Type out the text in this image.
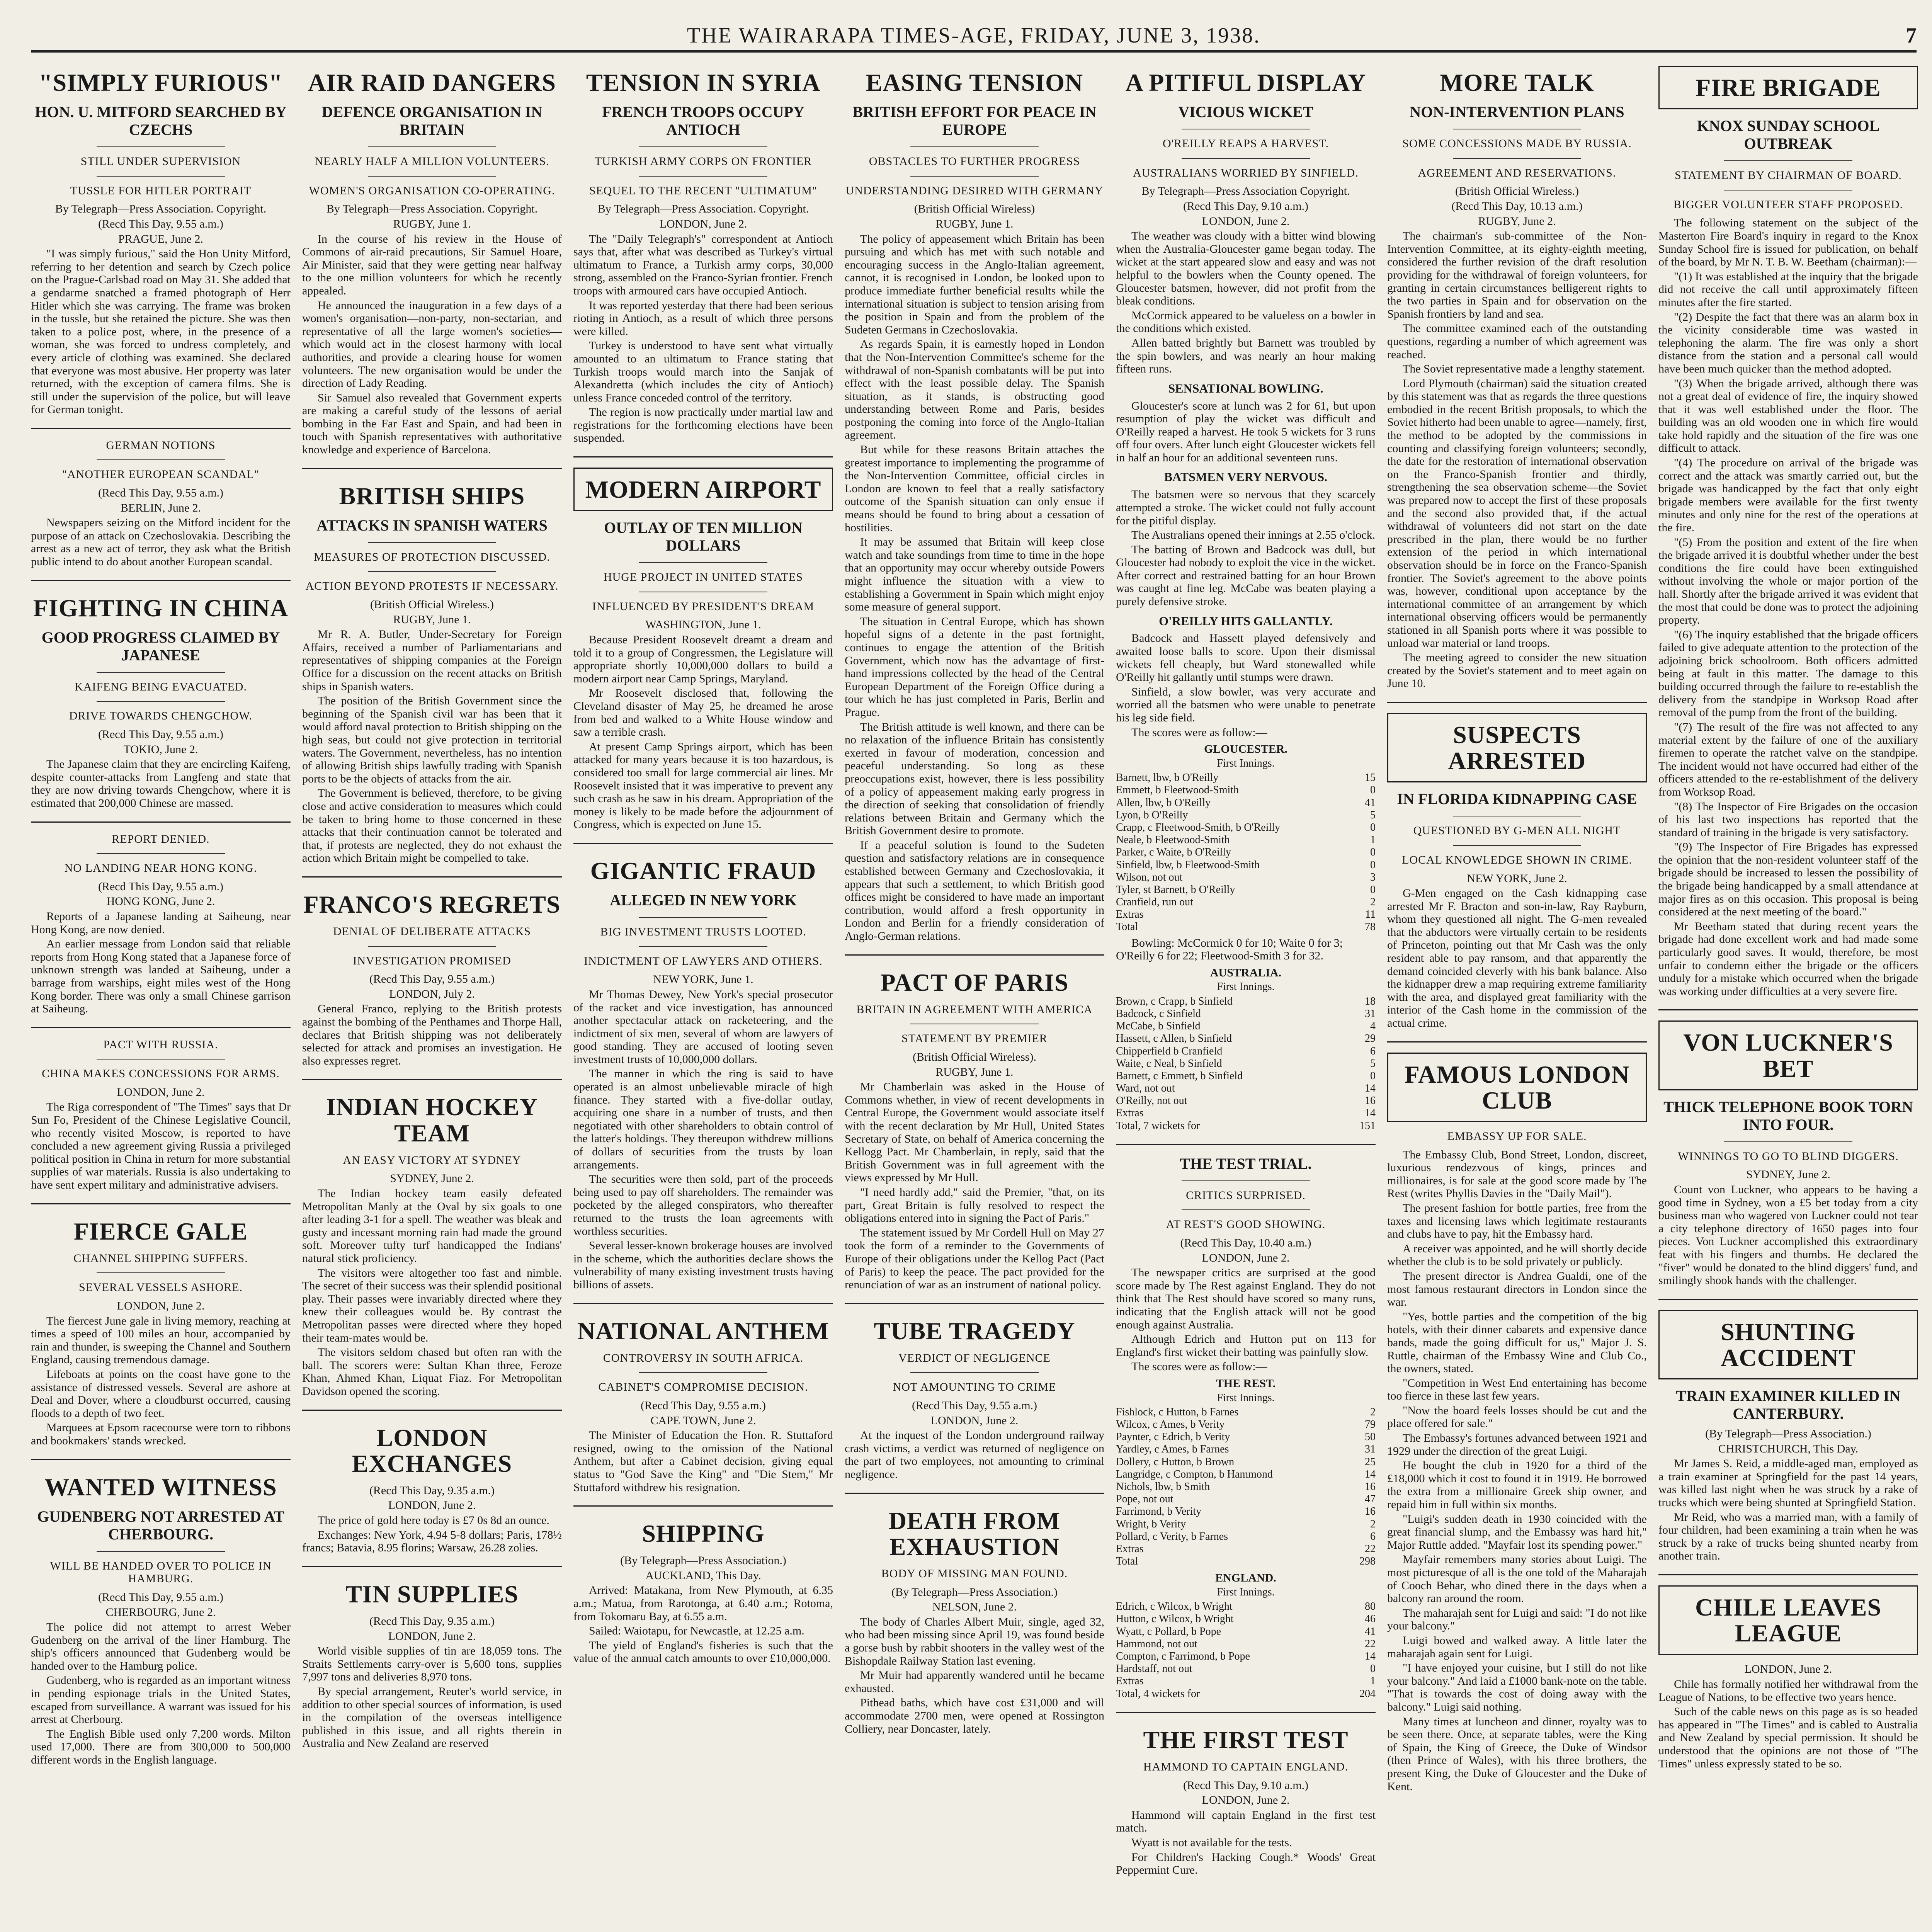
THE WAIRARAPA TIMES-AGE, FRIDAY, JUNE 3, 1938.	7
"SIMPLY FURIOUS"
HON. U. MITFORD SEARCHED BY CZECHS
STILL UNDER SUPERVISION
TUSSLE FOR HITLER PORTRAIT
By Telegraph—Press Association. Copyright.
(Recd This Day, 9.55 a.m.)
PRAGUE, June 2.

"I was simply furious," said the Hon Unity Mitford, referring to her detention and search by Czech police on the Prague-Carlsbad road on May 31. She added that a gendarme snatched a framed photograph of Herr Hitler which she was carrying. The frame was broken in the tussle, but she retained the picture. She was then taken to a police post, where, in the presence of a woman, she was forced to undress completely, and every article of clothing was examined. She declared that everyone was most abusive. Her property was later returned, with the exception of camera films. She is still under the supervision of the police, but will leave for German tonight.

GERMAN NOTIONS
"ANOTHER EUROPEAN SCANDAL"
(Recd This Day, 9.55 a.m.)
BERLIN, June 2.

Newspapers seizing on the Mitford incident for the purpose of an attack on Czechoslovakia. Describing the arrest as a new act of terror, they ask what the British public intend to do about another European scandal.

FIGHTING IN CHINA
GOOD PROGRESS CLAIMED BY JAPANESE
KAIFENG BEING EVACUATED.
DRIVE TOWARDS CHENGCHOW.
(Recd This Day, 9.55 a.m.)
TOKIO, June 2.

The Japanese claim that they are encircling Kaifeng, despite counter-attacks from Langfeng and state that they are now driving towards Chengchow, where it is estimated that 200,000 Chinese are massed.

REPORT DENIED.
NO LANDING NEAR HONG KONG.
(Recd This Day, 9.55 a.m.)
HONG KONG, June 2.

Reports of a Japanese landing at Saiheung, near Hong Kong, are now denied.

An earlier message from London said that reliable reports from Hong Kong stated that a Japanese force of unknown strength was landed at Saiheung, under a barrage from warships, eight miles west of the Hong Kong border. There was only a small Chinese garrison at Saiheung.

PACT WITH RUSSIA.
CHINA MAKES CONCESSIONS FOR ARMS.
LONDON, June 2.

The Riga correspondent of "The Times" says that Dr Sun Fo, President of the Chinese Legislative Council, who recently visited Moscow, is reported to have concluded a new agreement giving Russia a privileged political position in China in return for more substantial supplies of war materials. Russia is also undertaking to have sent expert military and administrative advisers.

FIERCE GALE
CHANNEL SHIPPING SUFFERS.
SEVERAL VESSELS ASHORE.
LONDON, June 2.

The fiercest June gale in living memory, reaching at times a speed of 100 miles an hour, accompanied by rain and thunder, is sweeping the Channel and Southern England, causing tremendous damage.

Lifeboats at points on the coast have gone to the assistance of distressed vessels. Several are ashore at Deal and Dover, where a cloudburst occurred, causing floods to a depth of two feet.

Marquees at Epsom racecourse were torn to ribbons and bookmakers' stands wrecked.

WANTED WITNESS
GUDENBERG NOT ARRESTED AT CHERBOURG.
WILL BE HANDED OVER TO POLICE IN HAMBURG.
(Recd This Day, 9.55 a.m.)
CHERBOURG, June 2.

The police did not attempt to arrest Weber Gudenberg on the arrival of the liner Hamburg. The ship's officers announced that Gudenberg would be handed over to the Hamburg police.

Gudenberg, who is regarded as an important witness in pending espionage trials in the United States, escaped from surveillance. A warrant was issued for his arrest at Cherbourg.

The English Bible used only 7,200 words. Milton used 17,000. There are from 300,000 to 500,000 different words in the English language.

AIR RAID DANGERS
DEFENCE ORGANISATION IN BRITAIN
NEARLY HALF A MILLION VOLUNTEERS.
WOMEN'S ORGANISATION CO-OPERATING.
By Telegraph—Press Association. Copyright.
RUGBY, June 1.

In the course of his review in the House of Commons of air-raid precautions, Sir Samuel Hoare, Air Minister, said that they were getting near halfway to the one million volunteers for which he recently appealed.

He announced the inauguration in a few days of a women's organisation—non-party, non-sectarian, and representative of all the large women's societies—which would act in the closest harmony with local authorities, and provide a clearing house for women volunteers. The new organisation would be under the direction of Lady Reading.

Sir Samuel also revealed that Government experts are making a careful study of the lessons of aerial bombing in the Far East and Spain, and had been in touch with Spanish representatives with authoritative knowledge and experience of Barcelona.

BRITISH SHIPS
ATTACKS IN SPANISH WATERS
MEASURES OF PROTECTION DISCUSSED.
ACTION BEYOND PROTESTS IF NECESSARY.
(British Official Wireless.)
RUGBY, June 1.

Mr R. A. Butler, Under-Secretary for Foreign Affairs, received a number of Parliamentarians and representatives of shipping companies at the Foreign Office for a discussion on the recent attacks on British ships in Spanish waters.

The position of the British Government since the beginning of the Spanish civil war has been that it would afford naval protection to British shipping on the high seas, but could not give protection in territorial waters. The Government, nevertheless, has no intention of allowing British ships lawfully trading with Spanish ports to be the objects of attacks from the air.

The Government is believed, therefore, to be giving close and active consideration to measures which could be taken to bring home to those concerned in these attacks that their continuation cannot be tolerated and that, if protests are neglected, they do not exhaust the action which Britain might be compelled to take.

FRANCO'S REGRETS
DENIAL OF DELIBERATE ATTACKS
INVESTIGATION PROMISED
(Recd This Day, 9.55 a.m.)
LONDON, July 2.

General Franco, replying to the British protests against the bombing of the Penthames and Thorpe Hall, declares that British shipping was not deliberately selected for attack and promises an investigation. He also expresses regret.

INDIAN HOCKEY TEAM
AN EASY VICTORY AT SYDNEY
SYDNEY, June 2.

The Indian hockey team easily defeated Metropolitan Manly at the Oval by six goals to one after leading 3-1 for a spell. The weather was bleak and gusty and incessant morning rain had made the ground soft. Moreover tufty turf handicapped the Indians' natural stick proficiency.

The visitors were altogether too fast and nimble. The secret of their success was their splendid positional play. Their passes were invariably directed where they knew their colleagues would be. By contrast the Metropolitan passes were directed where they hoped their team-mates would be.

The visitors seldom chased but often ran with the ball. The scorers were: Sultan Khan three, Feroze Khan, Ahmed Khan, Liquat Fiaz. For Metropolitan Davidson opened the scoring.

LONDON EXCHANGES
(Recd This Day, 9.35 a.m.)
LONDON, June 2.

The price of gold here today is £7 0s 8d an ounce.

Exchanges: New York, 4.94 5-8 dollars; Paris, 178½ francs; Batavia, 8.95 florins; Warsaw, 26.28 zolies.

TIN SUPPLIES
(Recd This Day, 9.35 a.m.)
LONDON, June 2.

World visible supplies of tin are 18,059 tons. The Straits Settlements carry-over is 5,600 tons, supplies 7,997 tons and deliveries 8,970 tons.

By special arrangement, Reuter's world service, in addition to other special sources of information, is used in the compilation of the overseas intelligence published in this issue, and all rights therein in Australia and New Zealand are reserved

TENSION IN SYRIA
FRENCH TROOPS OCCUPY ANTIOCH
TURKISH ARMY CORPS ON FRONTIER
SEQUEL TO THE RECENT "ULTIMATUM"
By Telegraph—Press Association. Copyright.
LONDON, June 2.

The "Daily Telegraph's" correspondent at Antioch says that, after what was described as Turkey's virtual ultimatum to France, a Turkish army corps, 30,000 strong, assembled on the Franco-Syrian frontier. French troops with armoured cars have occupied Antioch.

It was reported yesterday that there had been serious rioting in Antioch, as a result of which three persons were killed.

Turkey is understood to have sent what virtually amounted to an ultimatum to France stating that Turkish troops would march into the Sanjak of Alexandretta (which includes the city of Antioch) unless France conceded control of the territory.

The region is now practically under martial law and registrations for the forthcoming elections have been suspended.

MODERN AIRPORT
OUTLAY OF TEN MILLION DOLLARS
HUGE PROJECT IN UNITED STATES
INFLUENCED BY PRESIDENT'S DREAM
WASHINGTON, June 1.

Because President Roosevelt dreamt a dream and told it to a group of Congressmen, the Legislature will appropriate shortly 10,000,000 dollars to build a modern airport near Camp Springs, Maryland.

Mr Roosevelt disclosed that, following the Cleveland disaster of May 25, he dreamed he arose from bed and walked to a White House window and saw a terrible crash.

At present Camp Springs airport, which has been attacked for many years because it is too hazardous, is considered too small for large commercial air lines. Mr Roosevelt insisted that it was imperative to prevent any such crash as he saw in his dream. Appropriation of the money is likely to be made before the adjournment of Congress, which is expected on June 15.

GIGANTIC FRAUD
ALLEGED IN NEW YORK
BIG INVESTMENT TRUSTS LOOTED.
INDICTMENT OF LAWYERS AND OTHERS.
NEW YORK, June 1.

Mr Thomas Dewey, New York's special prosecutor of the racket and vice investigation, has announced another spectacular attack on racketeering, and the indictment of six men, several of whom are lawyers of good standing. They are accused of looting seven investment trusts of 10,000,000 dollars.

The manner in which the ring is said to have operated is an almost unbelievable miracle of high finance. They started with a five-dollar outlay, acquiring one share in a number of trusts, and then negotiated with other shareholders to obtain control of the latter's holdings. They thereupon withdrew millions of dollars of securities from the trusts by loan arrangements.

The securities were then sold, part of the proceeds being used to pay off shareholders. The remainder was pocketed by the alleged conspirators, who thereafter returned to the trusts the loan agreements with worthless securities.

Several lesser-known brokerage houses are involved in the scheme, which the authorities declare shows the vulnerability of many existing investment trusts having billions of assets.

NATIONAL ANTHEM
CONTROVERSY IN SOUTH AFRICA.
CABINET'S COMPROMISE DECISION.
(Recd This Day, 9.55 a.m.)
CAPE TOWN, June 2.

The Minister of Education the Hon. R. Stuttaford resigned, owing to the omission of the National Anthem, but after a Cabinet decision, giving equal status to "God Save the King" and "Die Stem," Mr Stuttaford withdrew his resignation.

SHIPPING
(By Telegraph—Press Association.)
AUCKLAND, This Day.

Arrived: Matakana, from New Plymouth, at 6.35 a.m.; Matua, from Rarotonga, at 6.40 a.m.; Rotoma, from Tokomaru Bay, at 6.55 a.m.

Sailed: Waiotapu, for Newcastle, at 12.25 a.m.

The yield of England's fisheries is such that the value of the annual catch amounts to over £10,000,000.

EASING TENSION
BRITISH EFFORT FOR PEACE IN EUROPE
OBSTACLES TO FURTHER PROGRESS
UNDERSTANDING DESIRED WITH GERMANY
(British Official Wireless)
RUGBY, June 1.

The policy of appeasement which Britain has been pursuing and which has met with such notable and encouraging success in the Anglo-Italian agreement, cannot, it is recognised in London, be looked upon to produce immediate further beneficial results while the international situation is subject to tension arising from the position in Spain and from the problem of the Sudeten Germans in Czechoslovakia.

As regards Spain, it is earnestly hoped in London that the Non-Intervention Committee's scheme for the withdrawal of non-Spanish combatants will be put into effect with the least possible delay. The Spanish situation, as it stands, is obstructing good understanding between Rome and Paris, besides postponing the coming into force of the Anglo-Italian agreement.

But while for these reasons Britain attaches the greatest importance to implementing the programme of the Non-Intervention Committee, official circles in London are known to feel that a really satisfactory outcome of the Spanish situation can only ensue if means should be found to bring about a cessation of hostilities.

It may be assumed that Britain will keep close watch and take soundings from time to time in the hope that an opportunity may occur whereby outside Powers might influence the situation with a view to establishing a Government in Spain which might enjoy some measure of general support.

The situation in Central Europe, which has shown hopeful signs of a detente in the past fortnight, continues to engage the attention of the British Government, which now has the advantage of first-hand impressions collected by the head of the Central European Department of the Foreign Office during a tour which he has just completed in Paris, Berlin and Prague.

The British attitude is well known, and there can be no relaxation of the influence Britain has consistently exerted in favour of moderation, concession and peaceful understanding. So long as these preoccupations exist, however, there is less possibility of a policy of appeasement making early progress in the direction of seeking that consolidation of friendly relations between Britain and Germany which the British Government desire to promote.

If a peaceful solution is found to the Sudeten question and satisfactory relations are in consequence established between Germany and Czechoslovakia, it appears that such a settlement, to which British good offices might be considered to have made an important contribution, would afford a fresh opportunity in London and Berlin for a friendly consideration of Anglo-German relations.

PACT OF PARIS
BRITAIN IN AGREEMENT WITH AMERICA
STATEMENT BY PREMIER
(British Official Wireless).
RUGBY, June 1.

Mr Chamberlain was asked in the House of Commons whether, in view of recent developments in Central Europe, the Government would associate itself with the recent declaration by Mr Hull, United States Secretary of State, on behalf of America concerning the Kellogg Pact. Mr Chamberlain, in reply, said that the British Government was in full agreement with the views expressed by Mr Hull.

"I need hardly add," said the Premier, "that, on its part, Great Britain is fully resolved to respect the obligations entered into in signing the Pact of Paris."

The statement issued by Mr Cordell Hull on May 27 took the form of a reminder to the Governments of Europe of their obligations under the Kellog Pact (Pact of Paris) to keep the peace. The pact provided for the renunciation of war as an instrument of national policy.

TUBE TRAGEDY
VERDICT OF NEGLIGENCE
NOT AMOUNTING TO CRIME
(Recd This Day, 9.55 a.m.)
LONDON, June 2.

At the inquest of the London underground railway crash victims, a verdict was returned of negligence on the part of two employees, not amounting to criminal negligence.

DEATH FROM EXHAUSTION
BODY OF MISSING MAN FOUND.
(By Telegraph—Press Association.)
NELSON, June 2.

The body of Charles Albert Muir, single, aged 32, who had been missing since April 19, was found beside a gorse bush by rabbit shooters in the valley west of the Bishopdale Railway Station last evening.

Mr Muir had apparently wandered until he became exhausted.

Pithead baths, which have cost £31,000 and will accommodate 2700 men, were opened at Rossington Colliery, near Doncaster, lately.

A PITIFUL DISPLAY
VICIOUS WICKET
O'REILLY REAPS A HARVEST.
AUSTRALIANS WORRIED BY SINFIELD.
By Telegraph—Press Association Copyright.
(Recd This Day, 9.10 a.m.)
LONDON, June 2.

The weather was cloudy with a bitter wind blowing when the Australia-Gloucester game began today. The wicket at the start appeared slow and easy and was not helpful to the bowlers when the County opened. The Gloucester batsmen, however, did not profit from the bleak conditions.

McCormick appeared to be valueless on a bowler in the conditions which existed.

Allen batted brightly but Barnett was troubled by the spin bowlers, and was nearly an hour making fifteen runs.

SENSATIONAL BOWLING.

Gloucester's score at lunch was 2 for 61, but upon resumption of play the wicket was difficult and O'Reilly reaped a harvest. He took 5 wickets for 3 runs off four overs. After lunch eight Gloucester wickets fell in half an hour for an additional seventeen runs.

BATSMEN VERY NERVOUS.

The batsmen were so nervous that they scarcely attempted a stroke. The wicket could not fully account for the pitiful display.

The Australians opened their innings at 2.55 o'clock.

The batting of Brown and Badcock was dull, but Gloucester had nobody to exploit the vice in the wicket. After correct and restrained batting for an hour Brown was caught at fine leg. McCabe was beaten playing a purely defensive stroke.

O'REILLY HITS GALLANTLY.

Badcock and Hassett played defensively and awaited loose balls to score. Upon their dismissal wickets fell cheaply, but Ward stonewalled while O'Reilly hit gallantly until stumps were drawn.

Sinfield, a slow bowler, was very accurate and worried all the batsmen who were unable to penetrate his leg side field.

The scores were as follow:—

GLOUCESTER.
First Innings.
Barnett, lbw, b O'Reilly	15
Emmett, b Fleetwood-Smith	0
Allen, lbw, b O'Reilly	41
Lyon, b O'Reilly	5
Crapp, c Fleetwood-Smith, b O'Reilly	0
Neale, b Fleetwood-Smith	1
Parker, c Waite, b O'Reilly	0
Sinfield, lbw, b Fleetwood-Smith	0
Wilson, not out	3
Tyler, st Barnett, b O'Reilly	0
Cranfield, run out	2
Extras	11
Total	78

Bowling: McCormick 0 for 10; Waite 0 for 3; O'Reilly 6 for 22; Fleetwood-Smith 3 for 32.

AUSTRALIA.
First Innings.
Brown, c Crapp, b Sinfield	18
Badcock, c Sinfield	31
McCabe, b Sinfield	4
Hassett, c Allen, b Sinfield	29
Chipperfield b Cranfield	6
Waite, c Neal, b Sinfield	5
Barnett, c Emmett, b Sinfield	0
Ward, not out	14
O'Reilly, not out	16
Extras	14
Total, 7 wickets for	151
THE TEST TRIAL.
CRITICS SURPRISED.
AT REST'S GOOD SHOWING.
(Recd This Day, 10.40 a.m.)
LONDON, June 2.

The newspaper critics are surprised at the good score made by The Rest against England. They do not think that The Rest should have scored so many runs, indicating that the English attack will not be good enough against Australia.

Although Edrich and Hutton put on 113 for England's first wicket their batting was painfully slow.

The scores were as follow:—

THE REST.
First Innings.
Fishlock, c Hutton, b Farnes	2
Wilcox, c Ames, b Verity	79
Paynter, c Edrich, b Verity	50
Yardley, c Ames, b Farnes	31
Dollery, c Hutton, b Brown	25
Langridge, c Compton, b Hammond	14
Nichols, lbw, b Smith	16
Pope, not out	47
Farrimond, b Verity	16
Wright, b Verity	2
Pollard, c Verity, b Farnes	6
Extras	22
Total	298
ENGLAND.
First Innings.
Edrich, c Wilcox, b Wright	80
Hutton, c Wilcox, b Wright	46
Wyatt, c Pollard, b Pope	41
Hammond, not out	22
Compton, c Farrimond, b Pope	14
Hardstaff, not out	0
Extras	1
Total, 4 wickets for	204
THE FIRST TEST
HAMMOND TO CAPTAIN ENGLAND.
(Recd This Day, 9.10 a.m.)
LONDON, June 2.

Hammond will captain England in the first test match.

Wyatt is not available for the tests.

For Children's Hacking Cough.* Woods' Great Peppermint Cure.

MORE TALK
NON-INTERVENTION PLANS
SOME CONCESSIONS MADE BY RUSSIA.
AGREEMENT AND RESERVATIONS.
(British Official Wireless.)
(Recd This Day, 10.13 a.m.)
RUGBY, June 2.

The chairman's sub-committee of the Non-Intervention Committee, at its eighty-eighth meeting, considered the further revision of the draft resolution providing for the withdrawal of foreign volunteers, for granting in certain circumstances belligerent rights to the two parties in Spain and for observation on the Spanish frontiers by land and sea.

The committee examined each of the outstanding questions, regarding a number of which agreement was reached.

The Soviet representative made a lengthy statement.

Lord Plymouth (chairman) said the situation created by this statement was that as regards the three questions embodied in the recent British proposals, to which the Soviet hitherto had been unable to agree—namely, first, the method to be adopted by the commissions in counting and classifying foreign volunteers; secondly, the date for the restoration of international observation on the Franco-Spanish frontier and thirdly, strengthening the sea observation scheme—the Soviet was prepared now to accept the first of these proposals and the second also provided that, if the actual withdrawal of volunteers did not start on the date prescribed in the plan, there would be no further extension of the period in which international observation should be in force on the Franco-Spanish frontier. The Soviet's agreement to the above points was, however, conditional upon acceptance by the international committee of an arrangement by which international observing officers would be permanently stationed in all Spanish ports where it was possible to unload war material or land troops.

The meeting agreed to consider the new situation created by the Soviet's statement and to meet again on June 10.

SUSPECTS ARRESTED
IN FLORIDA KIDNAPPING CASE
QUESTIONED BY G-MEN ALL NIGHT
LOCAL KNOWLEDGE SHOWN IN CRIME.
NEW YORK, June 2.

G-Men engaged on the Cash kidnapping case arrested Mr F. Bracton and son-in-law, Ray Rayburn, whom they questioned all night. The G-men revealed that the abductors were virtually certain to be residents of Princeton, pointing out that Mr Cash was the only resident able to pay ransom, and that apparently the demand coincided cleverly with his bank balance. Also the kidnapper drew a map requiring extreme familiarity with the area, and displayed great familiarity with the interior of the Cash home in the commission of the actual crime.

FAMOUS LONDON CLUB
EMBASSY UP FOR SALE.

The Embassy Club, Bond Street, London, discreet, luxurious rendezvous of kings, princes and millionaires, is for sale at the good score made by The Rest (writes Phyllis Davies in the "Daily Mail").

The present fashion for bottle parties, free from the taxes and licensing laws which legitimate restaurants and clubs have to pay, hit the Embassy hard.

A receiver was appointed, and he will shortly decide whether the club is to be sold privately or publicly.

The present director is Andrea Gualdi, one of the most famous restaurant directors in London since the war.

"Yes, bottle parties and the competition of the big hotels, with their dinner cabarets and expensive dance bands, made the going difficult for us," Major J. S. Ruttle, chairman of the Embassy Wine and Club Co., the owners, stated.

"Competition in West End entertaining has become too fierce in these last few years.

"Now the board feels losses should be cut and the place offered for sale."

The Embassy's fortunes advanced between 1921 and 1929 under the direction of the great Luigi.

He bought the club in 1920 for a third of the £18,000 which it cost to found it in 1919. He borrowed the extra from a millionaire Greek ship owner, and repaid him in full within six months.

"Luigi's sudden death in 1930 coincided with the great financial slump, and the Embassy was hard hit," Major Ruttle added. "Mayfair lost its spending power."

Mayfair remembers many stories about Luigi. The most picturesque of all is the one told of the Maharajah of Cooch Behar, who dined there in the days when a balcony ran around the room.

The maharajah sent for Luigi and said: "I do not like your balcony."

Luigi bowed and walked away. A little later the maharajah again sent for Luigi.

"I have enjoyed your cuisine, but I still do not like your balcony." And laid a £1000 bank-note on the table. "That is towards the cost of doing away with the balcony." Luigi said nothing.

Many times at luncheon and dinner, royalty was to be seen there. Once, at separate tables, were the King of Spain, the King of Greece, the Duke of Windsor (then Prince of Wales), with his three brothers, the present King, the Duke of Gloucester and the Duke of Kent.

FIRE BRIGADE
KNOX SUNDAY SCHOOL OUTBREAK
STATEMENT BY CHAIRMAN OF BOARD.
BIGGER VOLUNTEER STAFF PROPOSED.

The following statement on the subject of the Masterton Fire Board's inquiry in regard to the Knox Sunday School fire is issued for publication, on behalf of the board, by Mr N. T. B. W. Beetham (chairman):—

"(1) It was established at the inquiry that the brigade did not receive the call until approximately fifteen minutes after the fire started.

"(2) Despite the fact that there was an alarm box in the vicinity considerable time was wasted in telephoning the alarm. The fire was only a short distance from the station and a personal call would have been much quicker than the method adopted.

"(3) When the brigade arrived, although there was not a great deal of evidence of fire, the inquiry showed that it was well established under the floor. The building was an old wooden one in which fire would take hold rapidly and the situation of the fire was one difficult to attack.

"(4) The procedure on arrival of the brigade was correct and the attack was smartly carried out, but the brigade was handicapped by the fact that only eight brigade members were available for the first twenty minutes and only nine for the rest of the operations at the fire.

"(5) From the position and extent of the fire when the brigade arrived it is doubtful whether under the best conditions the fire could have been extinguished without involving the whole or major portion of the hall. Shortly after the brigade arrived it was evident that the most that could be done was to protect the adjoining property.

"(6) The inquiry established that the brigade officers failed to give adequate attention to the protection of the adjoining brick schoolroom. Both officers admitted being at fault in this matter. The damage to this building occurred through the failure to re-establish the delivery from the standpipe in Worksop Road after removal of the pump from the front of the building.

"(7) The result of the fire was not affected to any material extent by the failure of one of the auxiliary firemen to operate the ratchet valve on the standpipe. The incident would not have occurred had either of the officers attended to the re-establishment of the delivery from Worksop Road.

"(8) The Inspector of Fire Brigades on the occasion of his last two inspections has reported that the standard of training in the brigade is very satisfactory.

"(9) The Inspector of Fire Brigades has expressed the opinion that the non-resident volunteer staff of the brigade should be increased to lessen the possibility of the brigade being handicapped by a small attendance at major fires as on this occasion. This proposal is being considered at the next meeting of the board."

Mr Beetham stated that during recent years the brigade had done excellent work and had made some particularly good saves. It would, therefore, be most unfair to condemn either the brigade or the officers unduly for a mistake which occurred when the brigade was working under difficulties at a very severe fire.

VON LUCKNER'S BET
THICK TELEPHONE BOOK TORN INTO FOUR.
WINNINGS TO GO TO BLIND DIGGERS.
SYDNEY, June 2.

Count von Luckner, who appears to be having a good time in Sydney, won a £5 bet today from a city business man who wagered von Luckner could not tear a city telephone directory of 1650 pages into four pieces. Von Luckner accomplished this extraordinary feat with his fingers and thumbs. He declared the "fiver" would be donated to the blind diggers' fund, and smilingly shook hands with the challenger.

SHUNTING ACCIDENT
TRAIN EXAMINER KILLED IN CANTERBURY.
(By Telegraph—Press Association.)
CHRISTCHURCH, This Day.

Mr James S. Reid, a middle-aged man, employed as a train examiner at Springfield for the past 14 years, was killed last night when he was struck by a rake of trucks which were being shunted at Springfield Station.

Mr Reid, who was a married man, with a family of four children, had been examining a train when he was struck by a rake of trucks being shunted nearby from another train.

CHILE LEAVES LEAGUE
LONDON, June 2.

Chile has formally notified her withdrawal from the League of Nations, to be effective two years hence.

Such of the cable news on this page as is so headed has appeared in "The Times" and is cabled to Australia and New Zealand by special permission. It should be understood that the opinions are not those of "The Times" unless expressly stated to be so.
